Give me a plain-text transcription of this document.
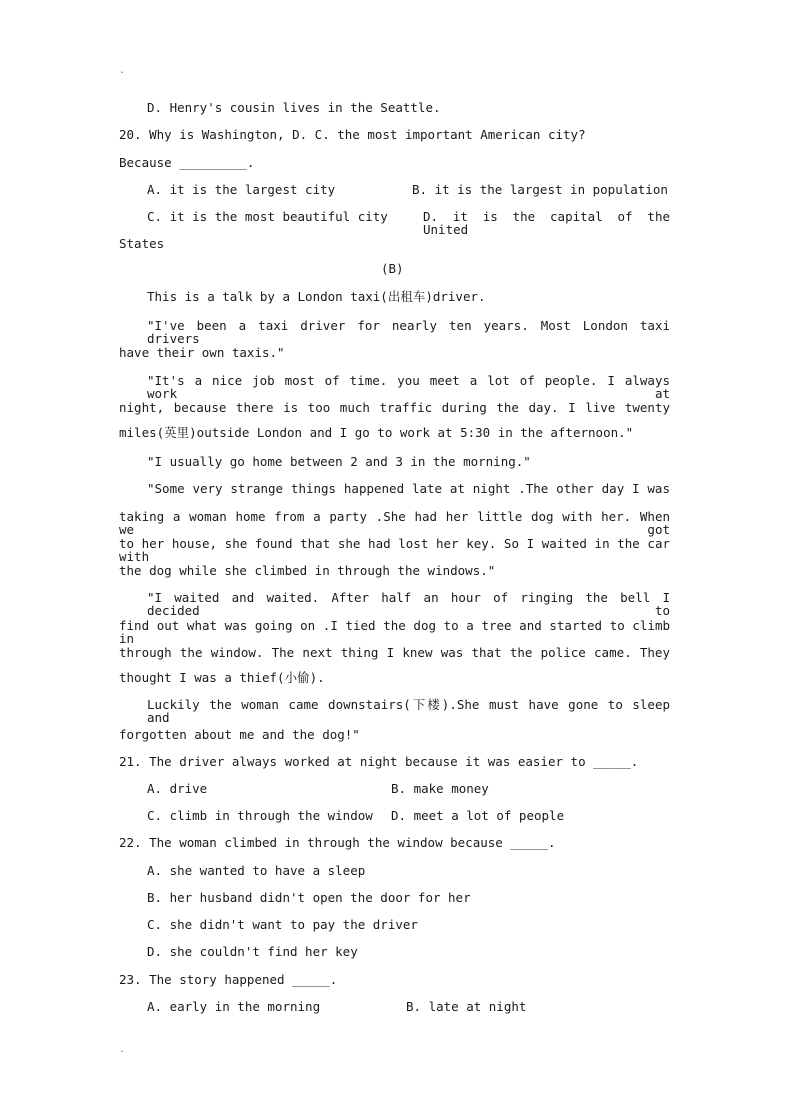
.
D. Henry's cousin lives in the Seattle.
20. Why is Washington, D. C. the most important American city?
Because _________.
A. it is the largest city	B. it is the largest in population
C. it is the most beautiful city	D. it is the capital of the United
States
(B)
This is a talk by a London taxi(出租车)driver.
"I've been a taxi driver for nearly ten years. Most London taxi drivers
have their own taxis."
"It's a nice job most of time. you meet a lot of people. I always work at
night, because there is too much traffic during the day. I live twenty
miles(英里)outside London and I go to work at 5:30 in the afternoon."
"I usually go home between 2 and 3 in the morning."
"Some very strange things happened late at night .The other day I was
taking a woman home from a party .She had her little dog with her. When we got
to her house, she found that she had lost her key. So I waited in the car with
the dog while she climbed in through the windows."
"I waited and waited. After half an hour of ringing the bell I decided to
find out what was going on .I tied the dog to a tree and started to climb in
through the window. The next thing I knew was that the police came. They
thought I was a thief(小偷).
Luckily the woman came downstairs(下楼).She must have gone to sleep and
forgotten about me and the dog!"
21. The driver always worked at night because it was easier to _____.
A. drive	B. make money
C. climb in through the window D. meet a lot of people
22. The woman climbed in through the window because _____.
A. she wanted to have a sleep
B. her husband didn't open the door for her
C. she didn't want to pay the driver
D. she couldn't find her key
23. The story happened _____.
A. early in the morning	B. late at night
.
